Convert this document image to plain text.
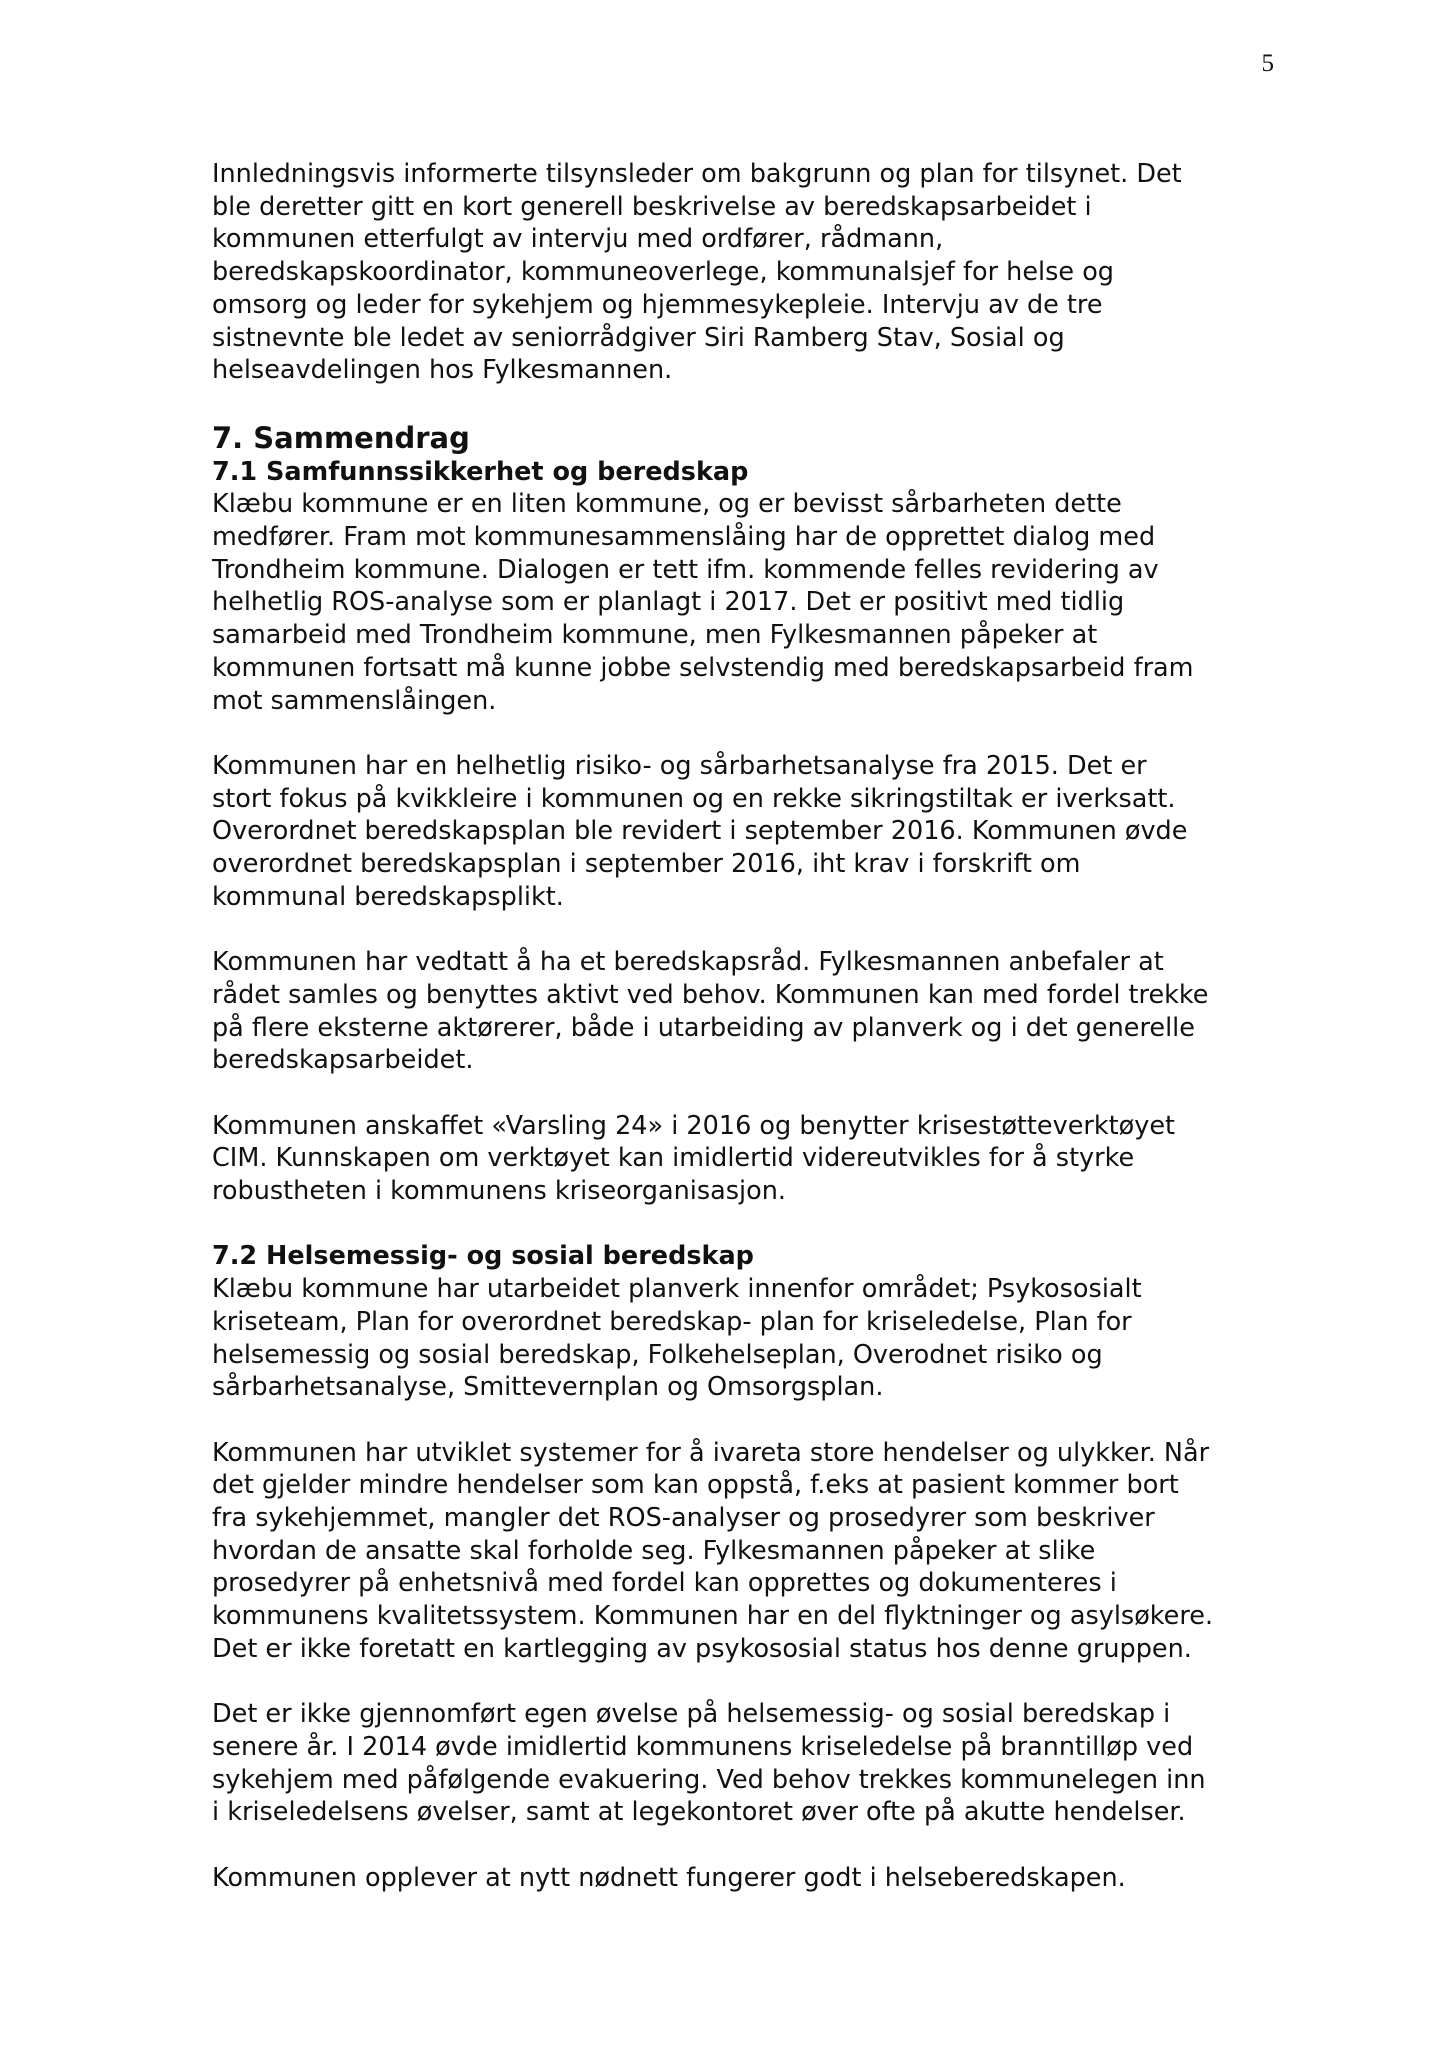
5

Innledningsvis informerte tilsynsleder om bakgrunn og plan for tilsynet. Det
ble deretter gitt en kort generell beskrivelse av beredskapsarbeidet i
kommunen etterfulgt av intervju med ordfører, rådmann,
beredskapskoordinator, kommuneoverlege, kommunalsjef for helse og
omsorg og leder for sykehjem og hjemmesykepleie. Intervju av de tre
sistnevnte ble ledet av seniorrådgiver Siri Ramberg Stav, Sosial og
helseavdelingen hos Fylkesmannen.

7. Sammendrag
7.1 Samfunnssikkerhet og beredskap

Klæbu kommune er en liten kommune, og er bevisst sårbarheten dette
medfører. Fram mot kommunesammenslåing har de opprettet dialog med
Trondheim kommune. Dialogen er tett ifm. kommende felles revidering av
helhetlig ROS-analyse som er planlagt i 2017. Det er positivt med tidlig
samarbeid med Trondheim kommune, men Fylkesmannen påpeker at
kommunen fortsatt må kunne jobbe selvstendig med beredskapsarbeid fram
mot sammenslåingen.

Kommunen har en helhetlig risiko- og sårbarhetsanalyse fra 2015. Det er
stort fokus på kvikkleire i kommunen og en rekke sikringstiltak er iverksatt.
Overordnet beredskapsplan ble revidert i september 2016. Kommunen øvde
overordnet beredskapsplan i september 2016, iht krav i forskrift om
kommunal beredskapsplikt.

Kommunen har vedtatt å ha et beredskapsråd. Fylkesmannen anbefaler at
rådet samles og benyttes aktivt ved behov. Kommunen kan med fordel trekke
på flere eksterne aktørerer, både i utarbeiding av planverk og i det generelle
beredskapsarbeidet.

Kommunen anskaffet «Varsling 24» i 2016 og benytter krisestøtteverktøyet
CIM. Kunnskapen om verktøyet kan imidlertid videreutvikles for å styrke
robustheten i kommunens kriseorganisasjon.

7.2 Helsemessig- og sosial beredskap

Klæbu kommune har utarbeidet planverk innenfor området; Psykososialt
kriseteam, Plan for overordnet beredskap- plan for kriseledelse, Plan for
helsemessig og sosial beredskap, Folkehelseplan, Overodnet risiko og
sårbarhetsanalyse, Smittevernplan og Omsorgsplan.

Kommunen har utviklet systemer for å ivareta store hendelser og ulykker. Når
det gjelder mindre hendelser som kan oppstå, f.eks at pasient kommer bort
fra sykehjemmet, mangler det ROS-analyser og prosedyrer som beskriver
hvordan de ansatte skal forholde seg. Fylkesmannen påpeker at slike
prosedyrer på enhetsnivå med fordel kan opprettes og dokumenteres i
kommunens kvalitetssystem. Kommunen har en del flyktninger og asylsøkere.
Det er ikke foretatt en kartlegging av psykososial status hos denne gruppen.

Det er ikke gjennomført egen øvelse på helsemessig- og sosial beredskap i
senere år. I 2014 øvde imidlertid kommunens kriseledelse på branntilløp ved
sykehjem med påfølgende evakuering. Ved behov trekkes kommunelegen inn
i kriseledelsens øvelser, samt at legekontoret øver ofte på akutte hendelser.

Kommunen opplever at nytt nødnett fungerer godt i helseberedskapen.
